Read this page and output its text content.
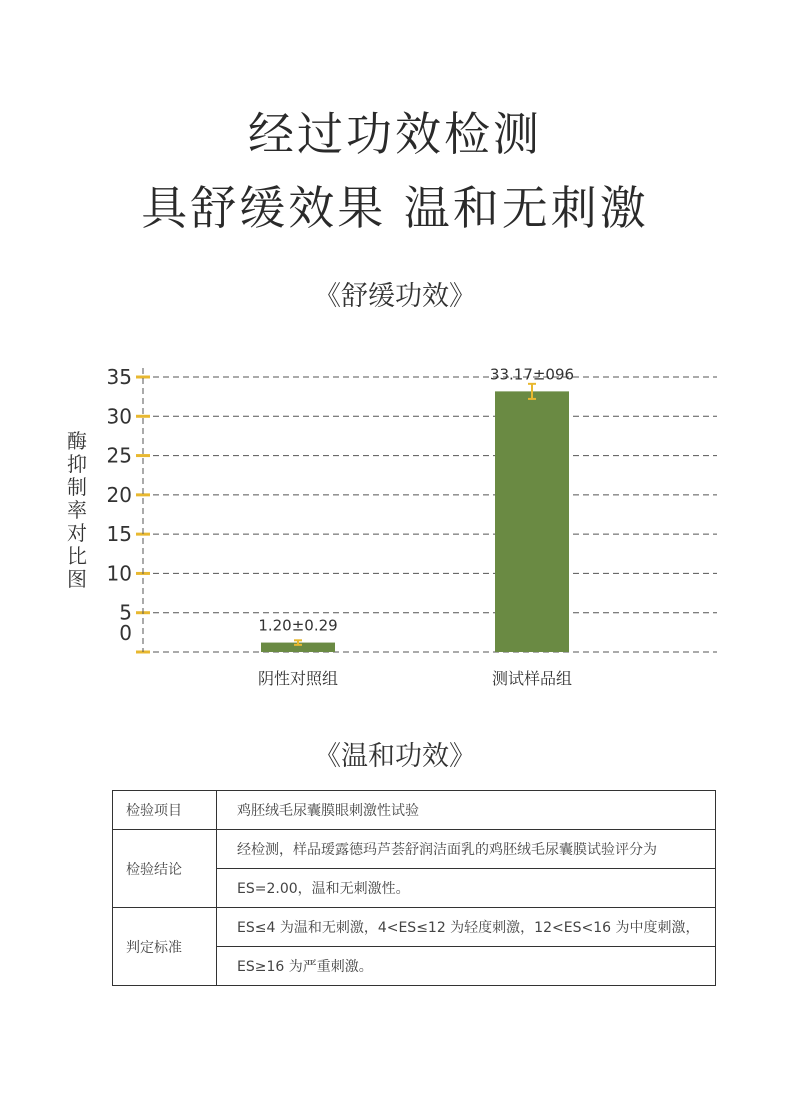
经过功效检测
具舒缓效果 温和无刺激
《舒缓功效》
酶抑制率对比图
0
5
10
15
20
25
30
35
1.20±0.29
阴性对照组
33.17±096
测试样品组
《温和功效》
检验项目	鸡胚绒毛尿囊膜眼刺激性试验
检验结论	经检测，样品瑷露德玛芦荟舒润洁面乳的鸡胚绒毛尿囊膜试验评分为
	ES=2.00，温和无刺激性。
判定标准	ES≤4 为温和无刺激，4<ES≤12 为轻度刺激，12<ES<16 为中度刺激，
	ES≥16 为严重刺激。
